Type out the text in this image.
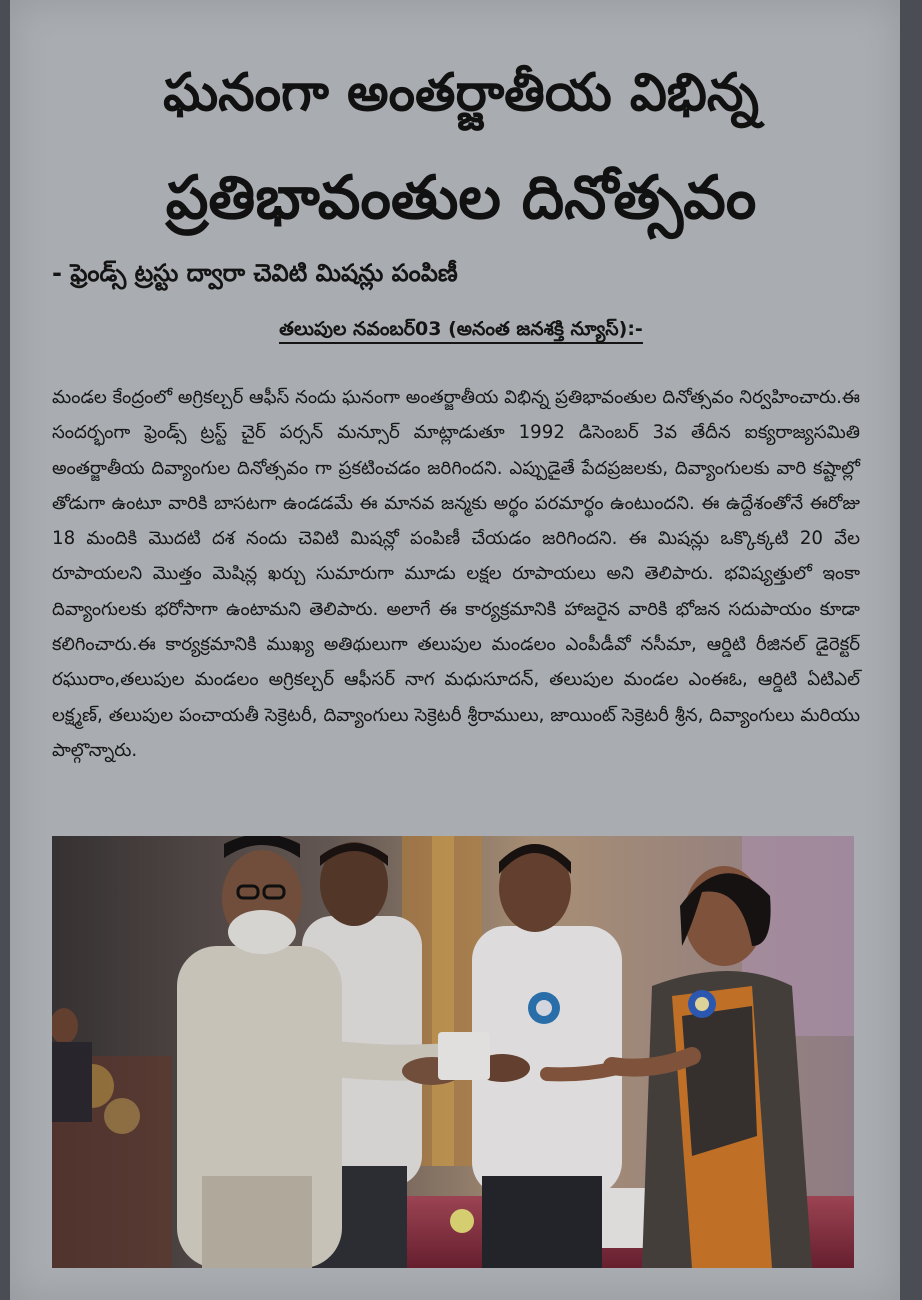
ఘనంగా అంతర్జాతీయ విభిన్న
ప్రతిభావంతుల దినోత్సవం
- ఫ్రెండ్స్ ట్రస్టు ద్వారా చెవిటి మిషన్లు పంపిణీ
తలుపుల నవంబర్03 (అనంత జనశక్తి న్యూస్):-
మండల కేంద్రంలో అగ్రికల్చర్ ఆఫీస్ నందు ఘనంగా అంతర్జాతీయ విభిన్న ప్రతిభావంతుల దినోత్సవం నిర్వహించారు.ఈ సందర్భంగా ఫ్రెండ్స్ ట్రస్ట్ చైర్ పర్సన్ మన్సూర్ మాట్లాడుతూ 1992 డిసెంబర్ 3వ తేదీన ఐక్యరాజ్యసమితి అంతర్జాతీయ దివ్యాంగుల దినోత్సవం గా ప్రకటించడం జరిగిందని. ఎప్పుడైతే పేదప్రజలకు, దివ్యాంగులకు వారి కష్టాల్లో తోడుగా ఉంటూ వారికి బాసటగా ఉండడమే ఈ మానవ జన్మకు అర్థం పరమార్థం ఉంటుందని. ఈ ఉద్దేశంతోనే ఈరోజు 18 మందికి మొదటి దశ నందు చెవిటి మిషన్లో పంపిణీ చేయడం జరిగిందని. ఈ మిషన్లు ఒక్కొక్కటి 20 వేల రూపాయలని మొత్తం మెషిన్ల ఖర్చు సుమారుగా మూడు లక్షల రూపాయలు అని తెలిపారు. భవిష్యత్తులో ఇంకా దివ్యాంగులకు భరోసాగా ఉంటామని తెలిపారు. అలాగే ఈ కార్యక్రమానికి హాజరైన వారికి భోజన సదుపాయం కూడా కలిగించారు.ఈ కార్యక్రమానికి ముఖ్య అతిథులుగా తలుపుల మండలం ఎంపీడీవో నసీమా, ఆర్డిటి రీజినల్ డైరెక్టర్ రఘురాం,తలుపుల మండలం అగ్రికల్చర్ ఆఫీసర్ నాగ మధుసూదన్, తలుపుల మండల ఎంఈఓ, ఆర్డిటి ఏటిఎల్ లక్ష్మణ్, తలుపుల పంచాయతీ సెక్రెటరీ, దివ్యాంగులు సెక్రెటరీ శ్రీరాములు, జాయింట్ సెక్రెటరీ శ్రీన, దివ్యాంగులు మరియు పాల్గొన్నారు.
